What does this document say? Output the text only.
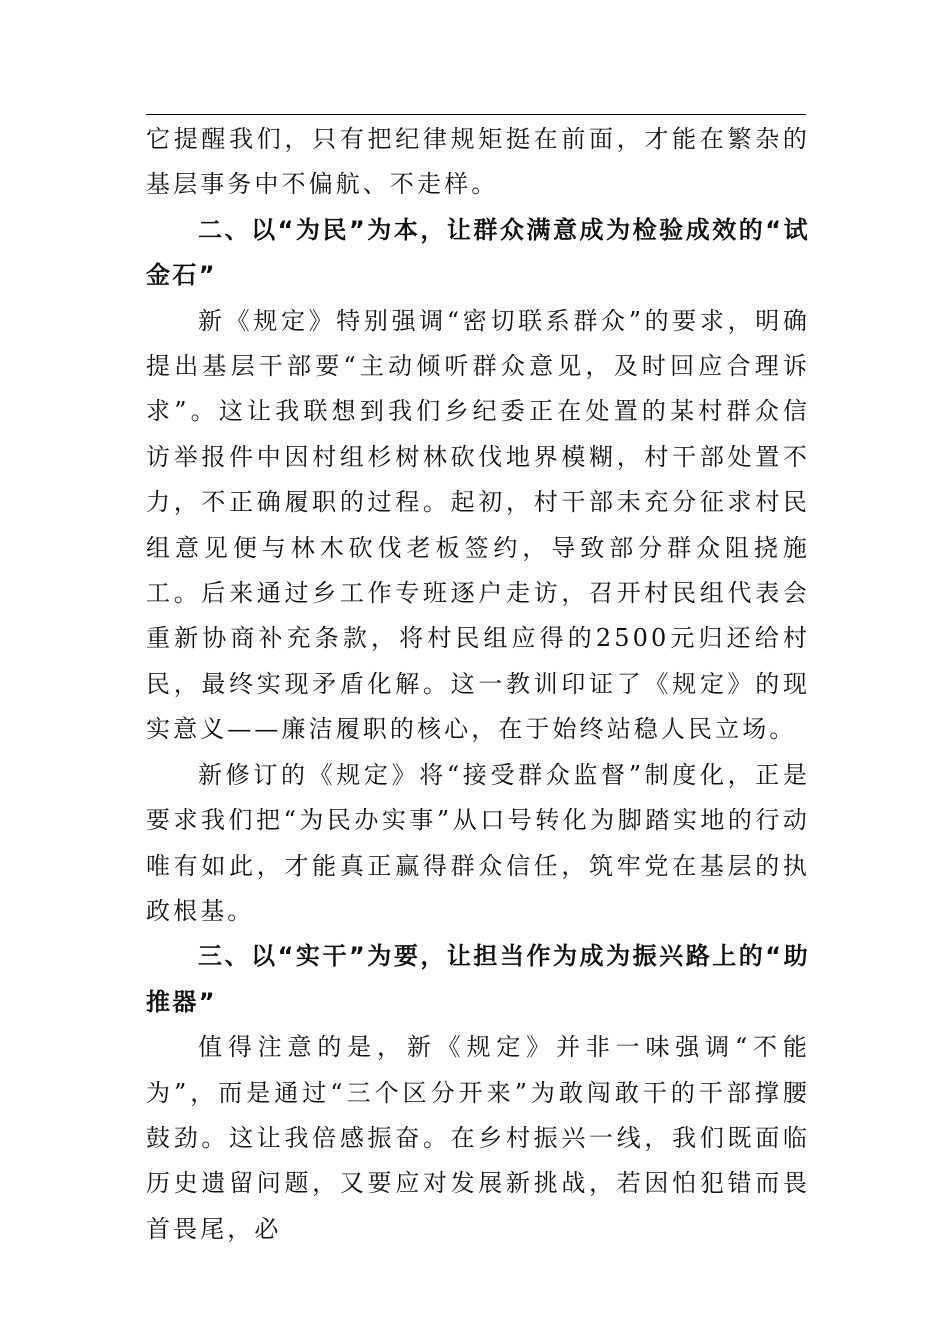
它提醒我们，只有把纪律规矩挺在前面，才能在繁杂的基层事务中不偏航、不走样。

二、以“为民”为本，让群众满意成为检验成效的“试金石”

新《规定》特别强调“密切联系群众”的要求，明确提出基层干部要“主动倾听群众意见，及时回应合理诉求”。这让我联想到我们乡纪委正在处置的某村群众信访举报件中因村组杉树林砍伐地界模糊，村干部处置不力，不正确履职的过程。起初，村干部未充分征求村民组意见便与林木砍伐老板签约，导致部分群众阻挠施工。后来通过乡工作专班逐户走访，召开村民组代表会重新协商补充条款，将村民组应得的2500元归还给村民，最终实现矛盾化解。这一教训印证了《规定》的现实意义——廉洁履职的核心，在于始终站稳人民立场。

新修订的《规定》将“接受群众监督”制度化，正是要求我们把“为民办实事”从口号转化为脚踏实地的行动唯有如此，才能真正赢得群众信任，筑牢党在基层的执政根基。

三、以“实干”为要，让担当作为成为振兴路上的“助推器”

值得注意的是，新《规定》并非一味强调“不能为”，而是通过“三个区分开来”为敢闯敢干的干部撑腰鼓劲。这让我倍感振奋。在乡村振兴一线，我们既面临历史遗留问题，又要应对发展新挑战，若因怕犯错而畏首畏尾，必
